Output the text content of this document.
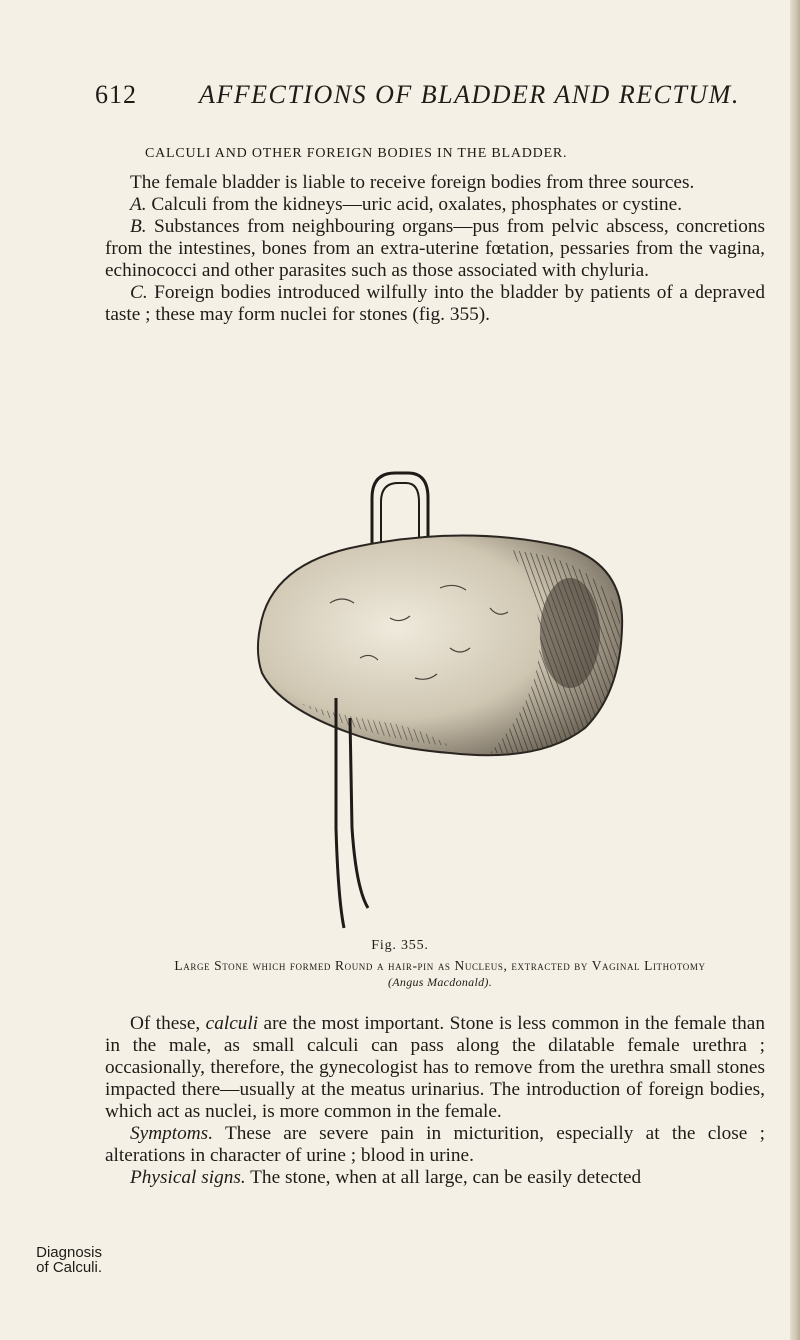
612 AFFECTIONS OF BLADDER AND RECTUM.
CALCULI AND OTHER FOREIGN BODIES IN THE BLADDER.

The female bladder is liable to receive foreign bodies from three sources.

A. Calculi from the kidneys—uric acid, oxalates, phosphates or cystine.

B. Substances from neighbouring organs—pus from pelvic abscess, concretions from the intestines, bones from an extra-uterine fœtation, pessaries from the vagina, echinococci and other parasites such as those associated with chyluria.

C. Foreign bodies introduced wilfully into the bladder by patients of a depraved taste ; these may form nuclei for stones (fig. 355).

Fig. 355.
Large Stone which formed Round a hair-pin as Nucleus, extracted by Vaginal Lithotomy
(Angus Macdonald).

Of these, calculi are the most important. Stone is less common in the female than in the male, as small calculi can pass along the dilatable female urethra ; occasionally, therefore, the gynecologist has to remove from the urethra small stones impacted there—usually at the meatus urinarius. The introduction of foreign bodies, which act as nuclei, is more common in the female.

Symptoms. These are severe pain in micturition, especially at the close ; alterations in character of urine ; blood in urine.

Physical signs. The stone, when at all large, can be easily detected

Diagnosis
of Calculi.
